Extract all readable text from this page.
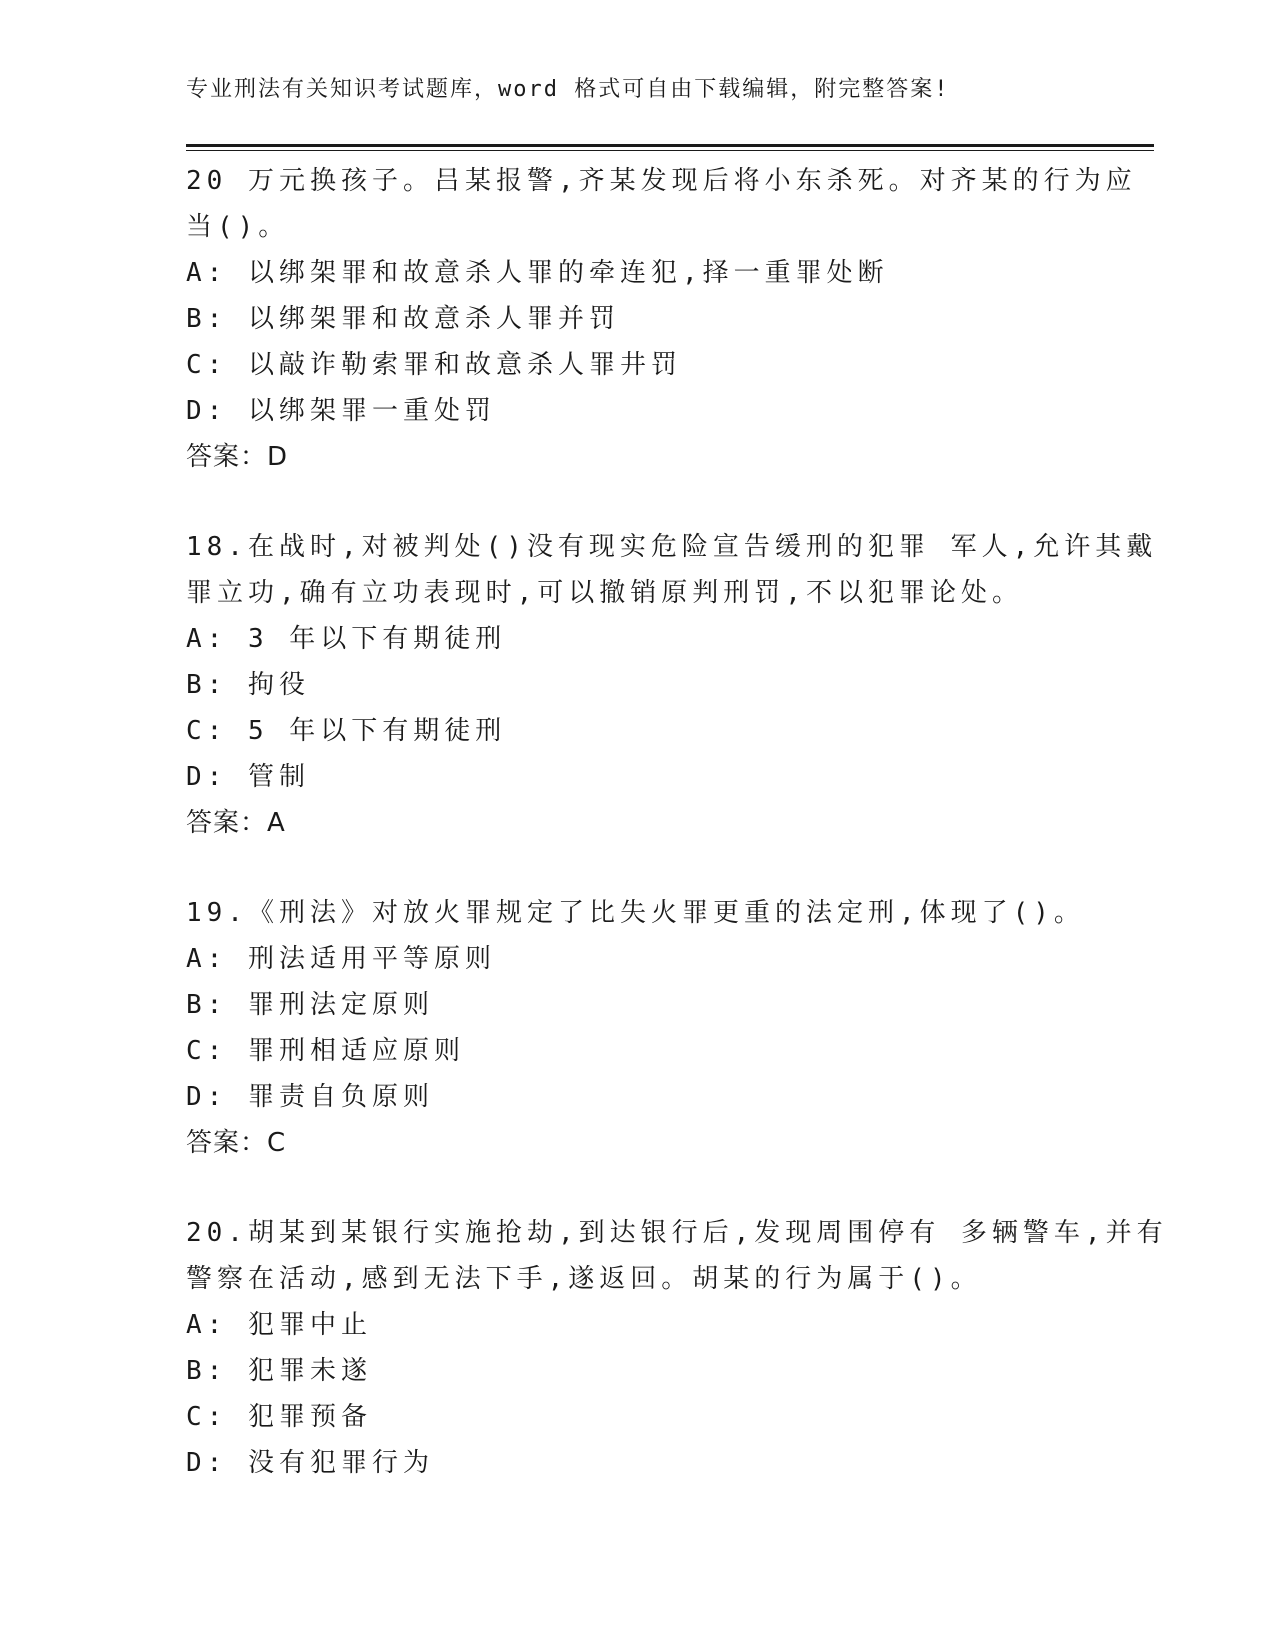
专业刑法有关知识考试题库，word 格式可自由下载编辑，附完整答案!
20 万元换孩子。吕某报警,齐某发现后将小东杀死。对齐某的行为应
当()。
A: 以绑架罪和故意杀人罪的牵连犯,择一重罪处断
B: 以绑架罪和故意杀人罪并罚
C: 以敲诈勒索罪和故意杀人罪井罚
D: 以绑架罪一重处罚
答案：D
18.在战时,对被判处()没有现实危险宣告缓刑的犯罪 军人,允许其戴
罪立功,确有立功表现时,可以撤销原判刑罚,不以犯罪论处。
A: 3 年以下有期徒刑
B: 拘役
C: 5 年以下有期徒刑
D: 管制
答案：A
19.《刑法》对放火罪规定了比失火罪更重的法定刑,体现了()。
A: 刑法适用平等原则
B: 罪刑法定原则
C: 罪刑相适应原则
D: 罪责自负原则
答案：C
20.胡某到某银行实施抢劫,到达银行后,发现周围停有 多辆警车,并有
警察在活动,感到无法下手,遂返回。胡某的行为属于()。
A: 犯罪中止
B: 犯罪未遂
C: 犯罪预备
D: 没有犯罪行为
